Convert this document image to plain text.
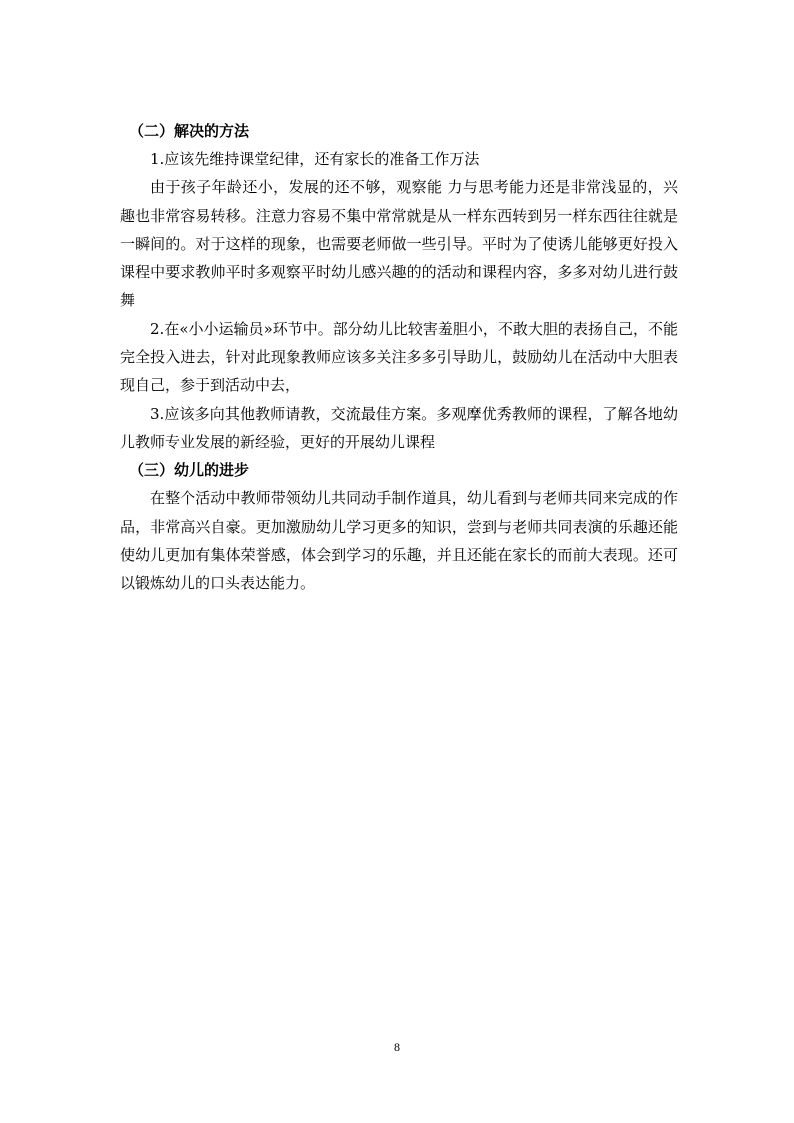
（二）解决的方法

1.应该先维持课堂纪律，还有家长的准备工作万法

由于孩子年龄还小，发展的还不够，观察能 力与思考能力还是非常浅显的，兴趣也非常容易转移。注意力容易不集中常常就是从一样东西转到另一样东西往往就是一瞬间的。对于这样的现象，也需要老师做一些引导。平时为了使诱儿能够更好投入课程中要求教帅平时多观察平时幼儿感兴趣的的活动和课程内容，多多对幼儿进行鼓舞

2.在«小小运输员»环节中。部分幼儿比较害羞胆小，不敢大胆的表扬自己，不能完全投入进去，针对此现象教师应该多关注多多引导助儿，鼓励幼儿在活动中大胆表现自己，参于到活动中去，

3.应该多向其他教师请教，交流最佳方案。多观摩优秀教师的课程，了解各地幼儿教师专业发展的新经验，更好的开展幼儿课程

（三）幼儿的进步

在整个活动中教师带领幼儿共同动手制作道具，幼儿看到与老师共同来完成的作品，非常高兴自豪。更加激励幼儿学习更多的知识，尝到与老师共同表演的乐趣还能使幼儿更加有集体荣誉感，体会到学习的乐趣，并且还能在家长的而前大表现。还可以锻炼幼儿的口头表达能力。

8
